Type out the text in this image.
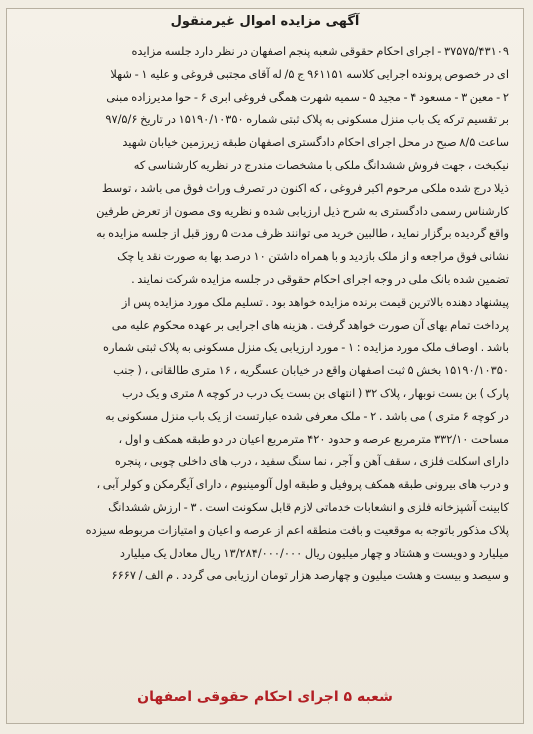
آگهی مزایده اموال غیرمنقول
۳۷۵۷۵/۴۳۱۰۹ - اجرای احکام حقوقی شعبه پنجم اصفهان در نظر دارد جلسه مزایده
ای در خصوص پرونده اجرایی کلاسه ۹۶۱۱۵۱ ج ۵/ له آقای مجتبی فروغی و علیه ۱ - شهلا
۲ - معین ۳ - مسعود ۴ - مجید ۵ - سمیه شهرت همگی فروغی ابری ۶ - حوا مدیرزاده مبنی
بر تقسیم ترکه یک باب منزل مسکونی به پلاک ثبتی شماره ۱۵۱۹۰/۱۰۳۵۰ در تاریخ ۹۷/۵/۶
ساعت ۸/۵ صبح در محل اجرای احکام دادگستری اصفهان طبقه زیرزمین خیابان شهید
نیکبخت ، جهت فروش ششدانگ ملکی با مشخصات مندرج در نظریه کارشناسی که
ذیلا درج شده ملکی مرحوم اکبر فروغی ، که اکنون در تصرف وراث فوق می باشد ، توسط
کارشناس رسمی دادگستری به شرح ذیل ارزیابی شده و نظریه وی مصون از تعرض طرفین
واقع گردیده برگزار نماید ، طالبین خرید می توانند ظرف مدت ۵ روز قبل از جلسه مزایده به
نشانی فوق مراجعه و از ملک بازدید و با همراه داشتن ۱۰ درصد بها به صورت نقد یا چک
تضمین شده بانک ملی در وجه اجرای احکام حقوقی در جلسه مزایده شرکت نمایند .
پیشنهاد دهنده بالاترین قیمت برنده مزایده خواهد بود . تسلیم ملک مورد مزایده پس از
پرداخت تمام بهای آن صورت خواهد گرفت . هزینه های اجرایی بر عهده محکوم علیه می
باشد . اوصاف ملک مورد مزایده : ۱ - مورد ارزیابی یک منزل مسکونی به پلاک ثبتی شماره
۱۵۱۹۰/۱۰۳۵۰ بخش ۵ ثبت اصفهان واقع در خیابان عسگریه ، ۱۶ متری طالقانی ، ( جنب
پارک ) بن بست نوبهار ، پلاک ۳۲ ( انتهای بن بست یک درب در کوچه ۸ متری و یک درب
در کوچه ۶ متری ) می باشد . ۲ - ملک معرفی شده عبارتست از یک باب منزل مسکونی به
مساحت ۳۳۲/۱۰ مترمربع عرصه و حدود ۴۲۰ مترمربع اعیان در دو طبقه همکف و اول ،
دارای اسکلت فلزی ، سقف آهن و آجر ، نما سنگ سفید ، درب های داخلی چوبی ، پنجره
و درب های بیرونی طبقه همکف پروفیل و طبقه اول آلومینیوم ، دارای آیگرمکن و کولر آبی ،
کابینت آشپزخانه فلزی و انشعابات خدماتی لازم قابل سکونت است . ۳ - ارزش ششدانگ
پلاک مذکور باتوجه به موقعیت و بافت منطقه اعم از عرصه و اعیان و امتیازات مربوطه سیزده
میلیارد و دویست و هشتاد و چهار میلیون ریال ۱۳/۲۸۴/۰۰۰/۰۰۰ ریال معادل یک میلیارد
و سیصد و بیست و هشت میلیون و چهارصد هزار تومان ارزیابی می گردد . م الف / ۶۶۶۷
شعبه ۵ اجرای احکام حقوقی اصفهان
